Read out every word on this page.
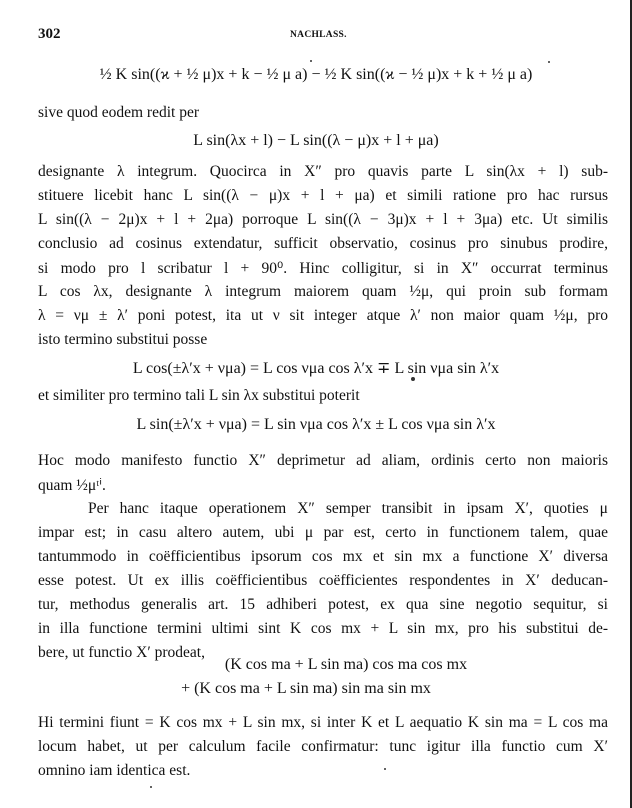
302	NACHLASS.
½ K sin((ϰ + ½ μ)x + k − ½ μ a) − ½ K sin((ϰ − ½ μ)x + k + ½ μ a)
sive quod eodem redit per
L sin(λx + l) − L sin((λ − μ)x + l + μa)
designante λ integrum. Quocirca in X″ pro quavis parte L sin(λx + l) sub-
stituere licebit hanc L sin((λ − μ)x + l + μa) et simili ratione pro hac rursus
L sin((λ − 2μ)x + l + 2μa) porroque L sin((λ − 3μ)x + l + 3μa) etc. Ut similis
conclusio ad cosinus extendatur, sufficit observatio, cosinus pro sinubus prodire,
si modo pro l scribatur l + 90⁰. Hinc colligitur, si in X″ occurrat terminus
L cos λx, designante λ integrum maiorem quam ½μ, qui proin sub formam
λ = νμ ± λ′ poni potest, ita ut ν sit integer atque λ′ non maior quam ½μ, pro
isto termino substitui posse
L cos(±λ′x + νμa) = L cos νμa cos λ′x ∓ L sin νμa sin λ′x
et similiter pro termino tali L sin λx substitui poterit
L sin(±λ′x + νμa) = L sin νμa cos λ′x ± L cos νμa sin λ′x
Hoc modo manifesto functio X″ deprimetur ad aliam, ordinis certo non maioris
quam ½μᵗⁱ.
Per hanc itaque operationem X″ semper transibit in ipsam X′, quoties μ
impar est; in casu altero autem, ubi μ par est, certo in functionem talem, quae
tantummodo in coëfficientibus ipsorum cos mx et sin mx a functione X′ diversa
esse potest. Ut ex illis coëfficientibus coëfficientes respondentes in X′ deducan-
tur, methodus generalis art. 15 adhiberi potest, ex qua sine negotio sequitur, si
in illa functione termini ultimi sint K cos mx + L sin mx, pro his substitui de-
bere, ut functio X′ prodeat,
(K cos ma + L sin ma) cos ma cos mx
+ (K cos ma + L sin ma) sin ma sin mx
Hi termini fiunt = K cos mx + L sin mx, si inter K et L aequatio K sin ma = L cos ma
locum habet, ut per calculum facile confirmatur: tunc igitur illa functio cum X′
omnino iam identica est.
